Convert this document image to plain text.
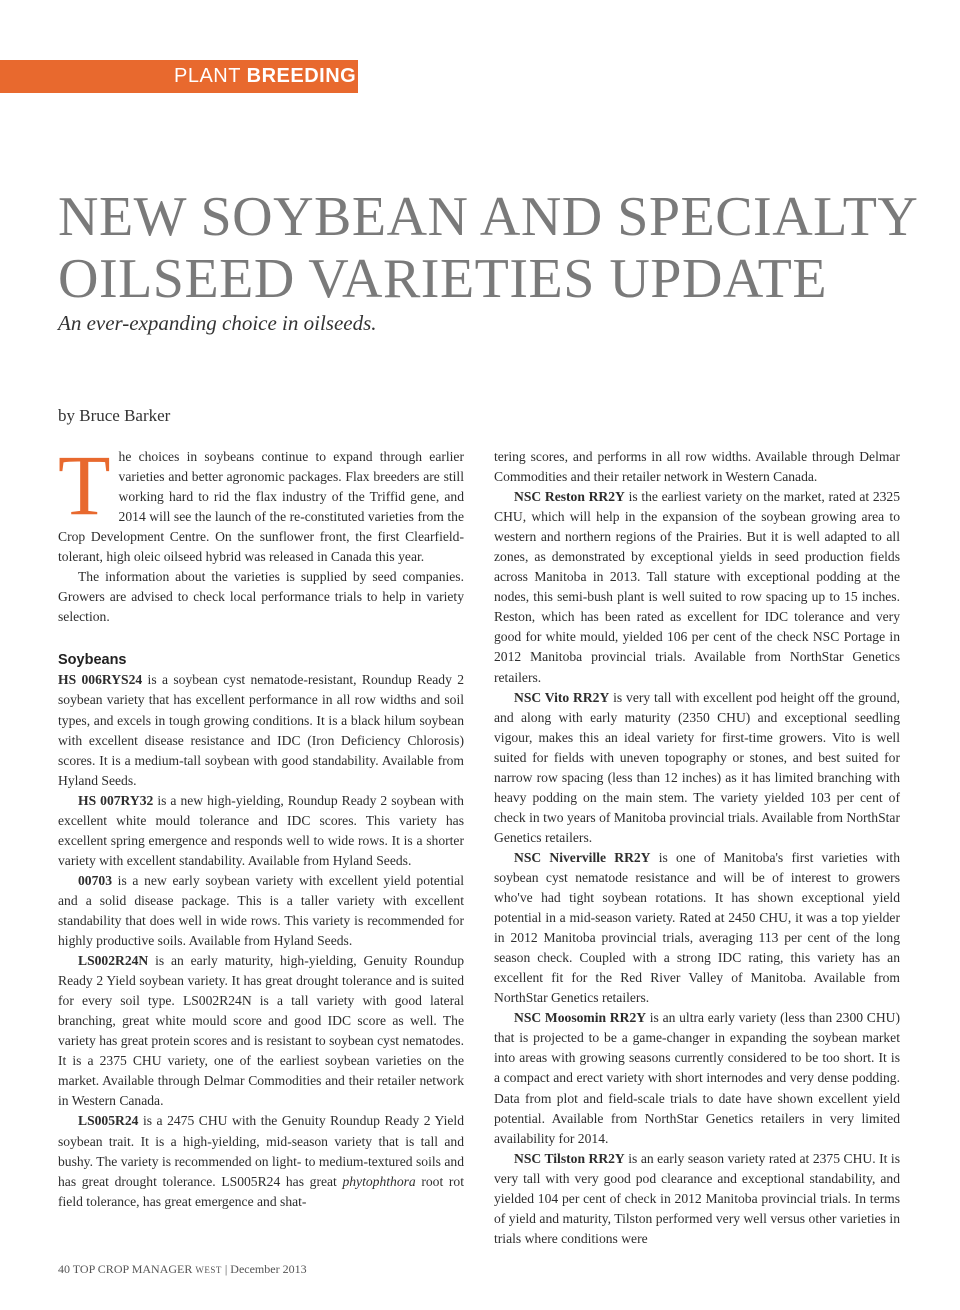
PLANT BREEDING
NEW SOYBEAN AND SPECIALTY
OILSEED VARIETIES UPDATE

An ever-expanding choice in oilseeds.

by Bruce Barker

The choices in soybeans continue to expand through earlier varieties and better agronomic packages. Flax breeders are still working hard to rid the flax industry of the Triffid gene, and 2014 will see the launch of the re-constituted varieties from the Crop Development Centre. On the sunflower front, the first Clearfield-tolerant, high oleic oilseed hybrid was released in Canada this year.

The information about the varieties is supplied by seed companies. Growers are advised to check local performance trials to help in variety selection.

Soybeans

HS 006RYS24 is a soybean cyst nematode-resistant, Roundup Ready 2 soybean variety that has excellent performance in all row widths and soil types, and excels in tough growing conditions. It is a black hilum soybean with excellent disease resistance and IDC (Iron Deficiency Chlorosis) scores. It is a medium-tall soybean with good standability. Available from Hyland Seeds.

HS 007RY32 is a new high-yielding, Roundup Ready 2 soybean with excellent white mould tolerance and IDC scores. This variety has excellent spring emergence and responds well to wide rows. It is a shorter variety with excellent standability. Available from Hyland Seeds.

00703 is a new early soybean variety with excellent yield potential and a solid disease package. This is a taller variety with excellent standability that does well in wide rows. This variety is recommended for highly productive soils. Available from Hyland Seeds.

LS002R24N is an early maturity, high-yielding, Genuity Roundup Ready 2 Yield soybean variety. It has great drought tolerance and is suited for every soil type. LS002R24N is a tall variety with good lateral branching, great white mould score and good IDC score as well. The variety has great protein scores and is resistant to soybean cyst nematodes. It is a 2375 CHU variety, one of the earliest soybean varieties on the market. Available through Delmar Commodities and their retailer network in Western Canada.

LS005R24 is a 2475 CHU with the Genuity Roundup Ready 2 Yield soybean trait. It is a high-yielding, mid-season variety that is tall and bushy. The variety is recommended on light- to medium-textured soils and has great drought tolerance. LS005R24 has great phytophthora root rot field tolerance, has great emergence and shat-

tering scores, and performs in all row widths. Available through Delmar Commodities and their retailer network in Western Canada.

NSC Reston RR2Y is the earliest variety on the market, rated at 2325 CHU, which will help in the expansion of the soybean growing area to western and northern regions of the Prairies. But it is well adapted to all zones, as demonstrated by exceptional yields in seed production fields across Manitoba in 2013. Tall stature with exceptional podding at the nodes, this semi-bush plant is well suited to row spacing up to 15 inches. Reston, which has been rated as excellent for IDC tolerance and very good for white mould, yielded 106 per cent of the check NSC Portage in 2012 Manitoba provincial trials. Available from NorthStar Genetics retailers.

NSC Vito RR2Y is very tall with excellent pod height off the ground, and along with early maturity (2350 CHU) and exceptional seedling vigour, makes this an ideal variety for first-time growers. Vito is well suited for fields with uneven topography or stones, and best suited for narrow row spacing (less than 12 inches) as it has limited branching with heavy podding on the main stem. The variety yielded 103 per cent of check in two years of Manitoba provincial trials. Available from NorthStar Genetics retailers.

NSC Niverville RR2Y is one of Manitoba's first varieties with soybean cyst nematode resistance and will be of interest to growers who've had tight soybean rotations. It has shown exceptional yield potential in a mid-season variety. Rated at 2450 CHU, it was a top yielder in 2012 Manitoba provincial trials, averaging 113 per cent of the long season check. Coupled with a strong IDC rating, this variety has an excellent fit for the Red River Valley of Manitoba. Available from NorthStar Genetics retailers.

NSC Moosomin RR2Y is an ultra early variety (less than 2300 CHU) that is projected to be a game-changer in expanding the soybean market into areas with growing seasons currently considered to be too short. It is a compact and erect variety with short internodes and very dense podding. Data from plot and field-scale trials to date have shown excellent yield potential. Available from NorthStar Genetics retailers in very limited availability for 2014.

NSC Tilston RR2Y is an early season variety rated at 2375 CHU. It is very tall with very good pod clearance and exceptional standability, and yielded 104 per cent of check in 2012 Manitoba provincial trials. In terms of yield and maturity, Tilston performed very well versus other varieties in trials where conditions were

40 TOP CROP MANAGER WEST | December 2013
